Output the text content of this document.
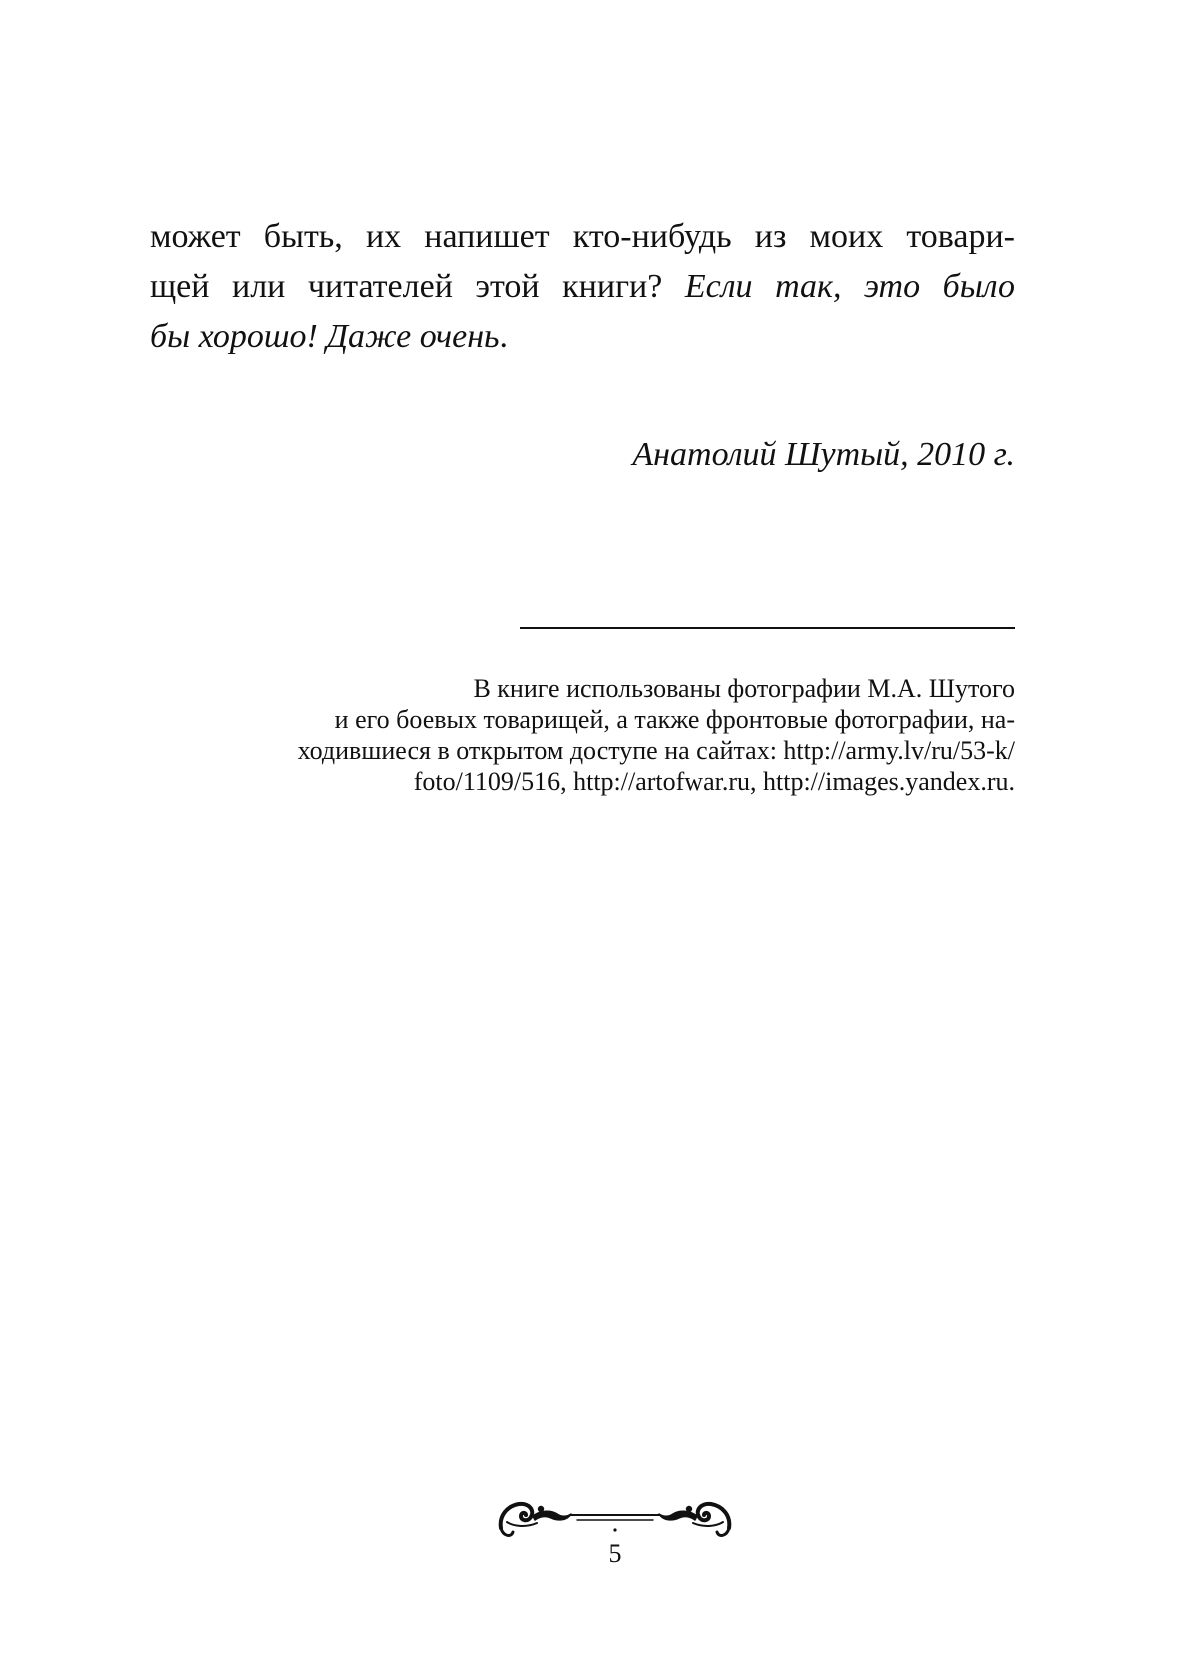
может быть, их напишет кто-нибудь из моих товари-
щей или читателей этой книги? Если так, это было
бы хорошо! Даже очень.

Анатолий Шутый, 2010 г.

В книге использованы фотографии М.А. Шутого
и его боевых товарищей, а также фронтовые фотографии, на-
ходившиеся в открытом доступе на сайтах: http://army.lv/ru/53-k/
foto/1109/516, http://artofwar.ru, http://images.yandex.ru.

5
